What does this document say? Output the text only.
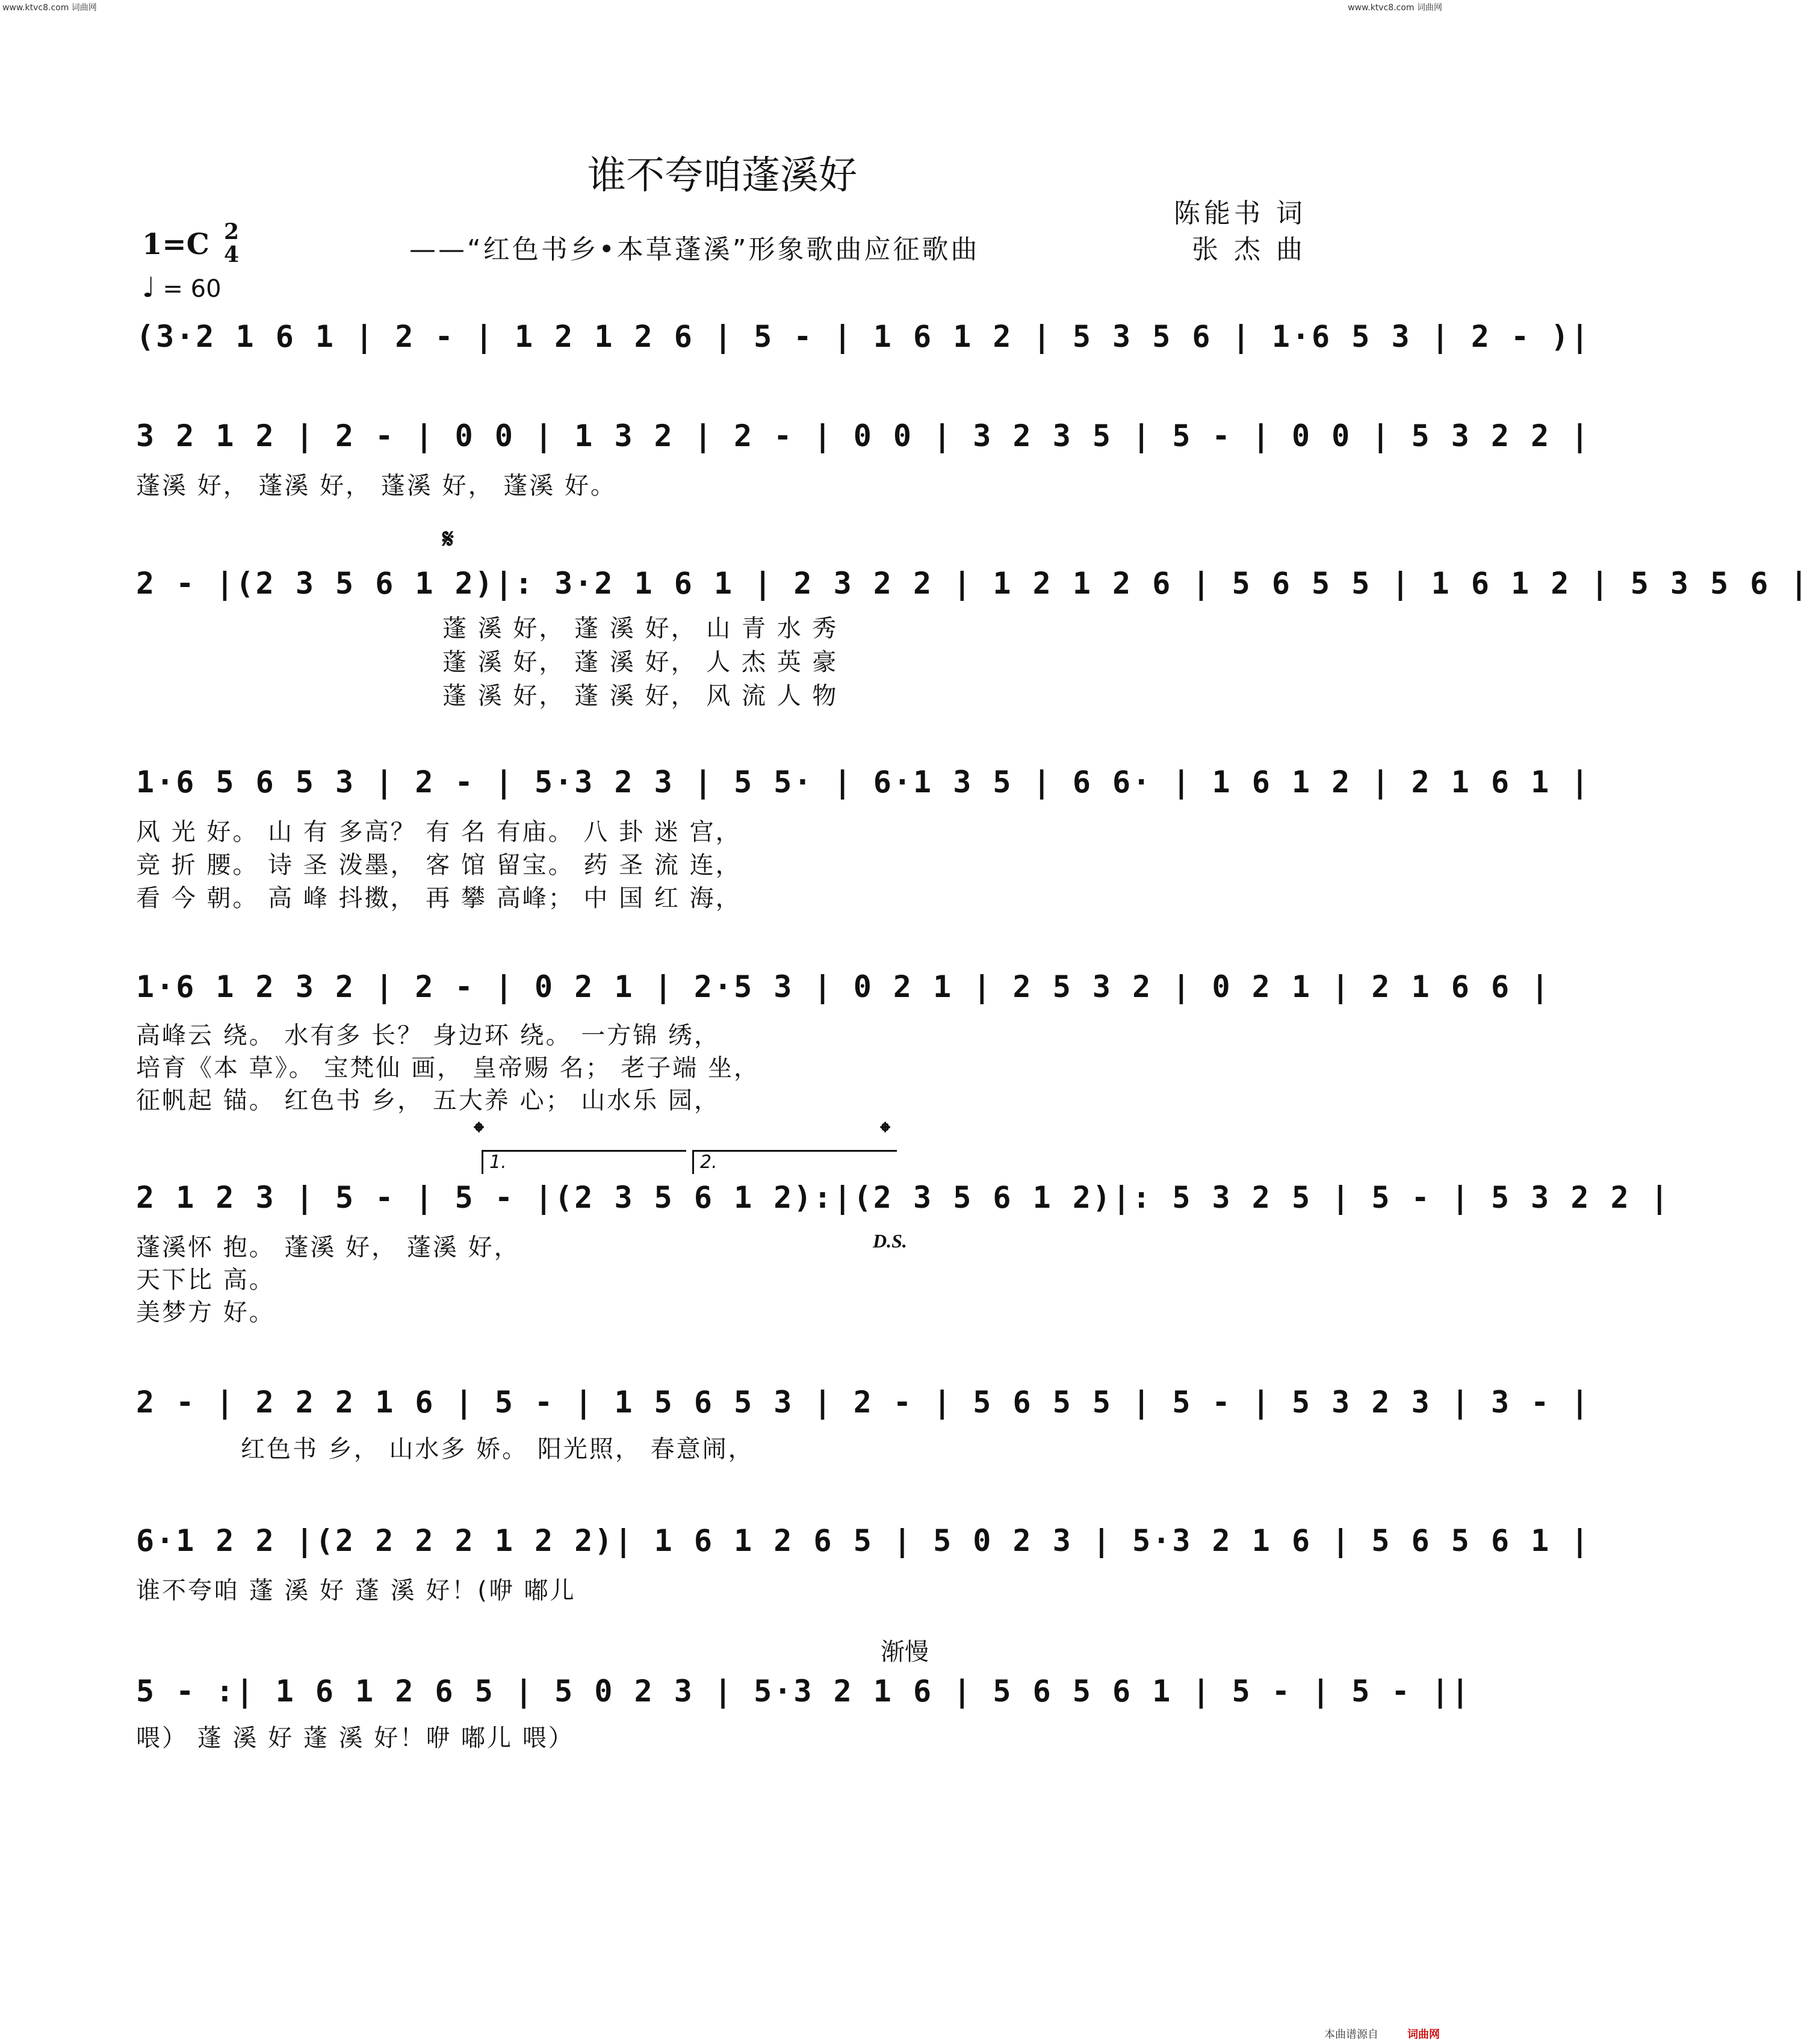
www.ktvc8.com 词曲网	www.ktvc8.com 词曲网
谁不夸咱蓬溪好
陈能书 词
张 杰 曲
——“红色书乡•本草蓬溪”形象歌曲应征歌曲
1=C 2
4
♩ = 60
(3·2 1 6 1 | 2 - | 1 2 1 2 6 | 5 - | 1 6 1 2 | 5 3 5 6 | 1·6 5 3 | 2 - )|
3 2 1 2 | 2 - | 0 0 | 1 3 2 | 2 - | 0 0 | 3 2 3 5 | 5 - | 0 0 | 5 3 2 2 |
蓬溪 好， 蓬溪 好， 蓬溪 好， 蓬溪 好。
𝄋
2 - |(2 3 5 6 1 2)|: 3·2 1 6 1 | 2 3 2 2 | 1 2 1 2 6 | 5 6 5 5 | 1 6 1 2 | 5 3 5 6 |
蓬 溪 好， 蓬 溪 好， 山 青 水 秀
蓬 溪 好， 蓬 溪 好， 人 杰 英 豪
蓬 溪 好， 蓬 溪 好， 风 流 人 物
1·6 5 6 5 3 | 2 - | 5·3 2 3 | 5 5· | 6·1 3 5 | 6 6· | 1 6 1 2 | 2 1 6 1 |
风 光 好。 山 有 多高？ 有 名 有庙。 八 卦 迷 宫，
竞 折 腰。 诗 圣 泼墨， 客 馆 留宝。 药 圣 流 连，
看 今 朝。 高 峰 抖擞， 再 攀 高峰； 中 国 红 海，
1·6 1 2 3 2 | 2 - | 0 2 1 | 2·5 3 | 0 2 1 | 2 5 3 2 | 0 2 1 | 2 1 6 6 |
高峰云 绕。 水有多 长？ 身边环 绕。 一方锦 绣，
培育《本 草》。 宝梵仙 画， 皇帝赐 名； 老子端 坐，
征帆起 锚。 红色书 乡， 五大养 心； 山水乐 园，
𝄌	𝄌
1.	2.
2 1 2 3 | 5 - | 5 - |(2 3 5 6 1 2):|(2 3 5 6 1 2)|: 5 3 2 5 | 5 - | 5 3 2 2 |
D.S.
蓬溪怀 抱。 蓬溪 好， 蓬溪 好，
天下比 高。
美梦方 好。
2 - | 2 2 2 1 6 | 5 - | 1 5 6 5 3 | 2 - | 5 6 5 5 | 5 - | 5 3 2 3 | 3 - |
红色书 乡， 山水多 娇。 阳光照， 春意闹，
6·1 2 2 |(2 2 2 2 1 2 2)| 1 6 1 2 6 5 | 5 0 2 3 | 5·3 2 1 6 | 5 6 5 6 1 |
谁不夸咱 蓬 溪 好 蓬 溪 好！(咿 嘟儿
渐慢
5 - :| 1 6 1 2 6 5 | 5 0 2 3 | 5·3 2 1 6 | 5 6 5 6 1 | 5 - | 5 - ||
喂） 蓬 溪 好 蓬 溪 好！咿 嘟儿 喂）
本曲谱源自	词曲网
